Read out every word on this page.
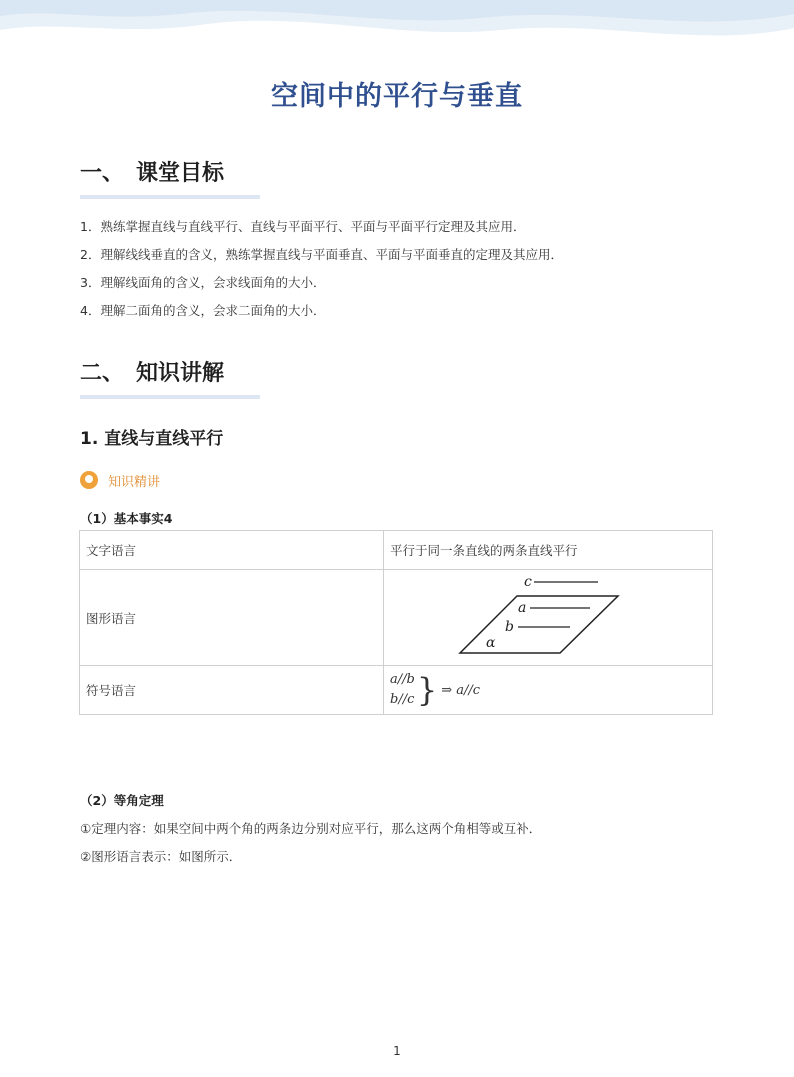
空间中的平行与垂直
一、 课堂目标
1．熟练掌握直线与直线平行、直线与平面平行、平面与平面平行定理及其应用．
2．理解线线垂直的含义，熟练掌握直线与平面垂直、平面与平面垂直的定理及其应用．
3．理解线面角的含义，会求线面角的大小．
4．理解二面角的含义，会求二面角的大小．
二、 知识讲解
1. 直线与直线平行
知识精讲
（1）基本事实4
文字语言	平行于同一条直线的两条直线平行
图形语言	c
a
b
α

符号语言	a//b
b//c } ⇒ a//c
（2）等角定理
①定理内容：如果空间中两个角的两条边分别对应平行，那么这两个角相等或互补．
②图形语言表示：如图所示．
1
